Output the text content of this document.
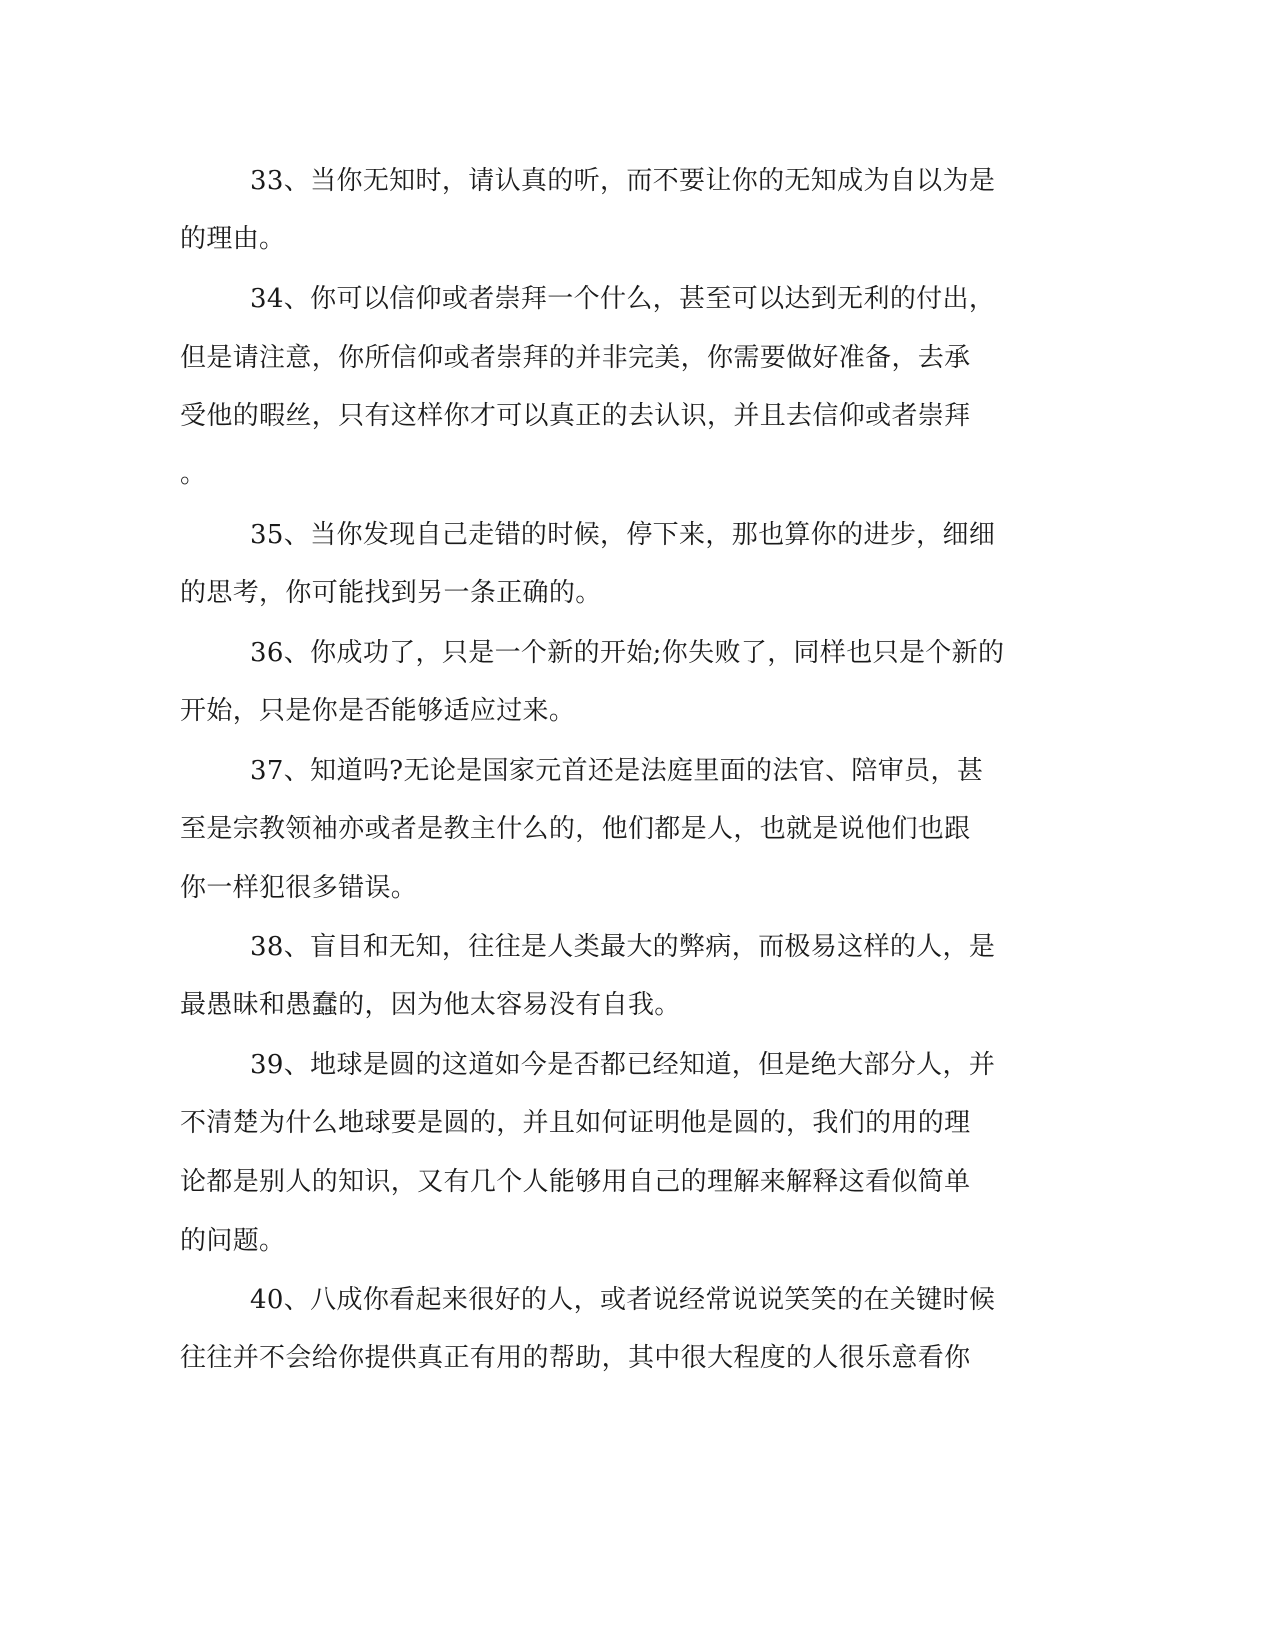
33、当你无知时，请认真的听，而不要让你的无知成为自以为是
的理由。
34、你可以信仰或者崇拜一个什么，甚至可以达到无利的付出，
但是请注意，你所信仰或者崇拜的并非完美，你需要做好准备，去承
受他的暇丝，只有这样你才可以真正的去认识，并且去信仰或者崇拜
。
35、当你发现自己走错的时候，停下来，那也算你的进步，细细
的思考，你可能找到另一条正确的。
36、你成功了，只是一个新的开始;你失败了，同样也只是个新的
开始，只是你是否能够适应过来。
37、知道吗?无论是国家元首还是法庭里面的法官、陪审员，甚
至是宗教领袖亦或者是教主什么的，他们都是人，也就是说他们也跟
你一样犯很多错误。
38、盲目和无知，往往是人类最大的弊病，而极易这样的人，是
最愚昧和愚蠢的，因为他太容易没有自我。
39、地球是圆的这道如今是否都已经知道，但是绝大部分人，并
不清楚为什么地球要是圆的，并且如何证明他是圆的，我们的用的理
论都是别人的知识，又有几个人能够用自己的理解来解释这看似简单
的问题。
40、八成你看起来很好的人，或者说经常说说笑笑的在关键时候
往往并不会给你提供真正有用的帮助，其中很大程度的人很乐意看你
